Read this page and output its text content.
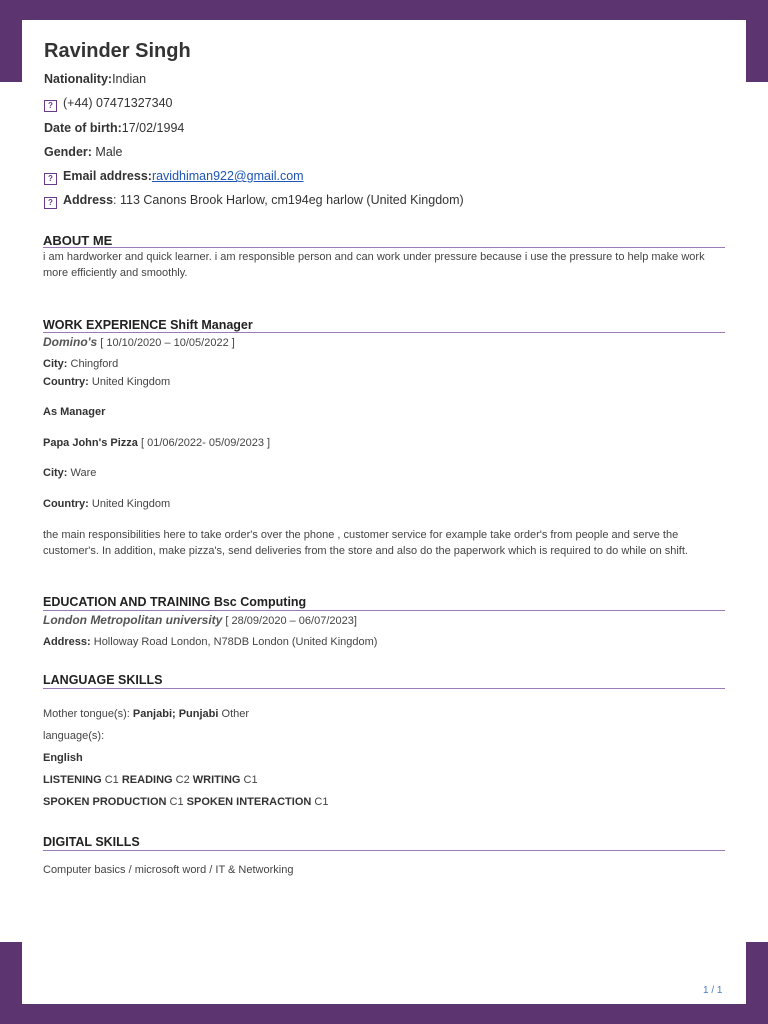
Ravinder Singh
Nationality:Indian
? (+44) 07471327340
Date of birth:17/02/1994
Gender: Male
? Email address:ravidhiman922@gmail.com
? Address: 113 Canons Brook Harlow, cm194eg harlow (United Kingdom)
ABOUT ME
i am hardworker and quick learner. i am responsible person and can work under pressure because i use the pressure to help make work more efficiently and smoothly.
WORK EXPERIENCE Shift Manager
Domino's [ 10/10/2020 – 10/05/2022 ]
City: Chingford
Country: United Kingdom
As Manager
Papa John's Pizza [ 01/06/2022- 05/09/2023 ]
City: Ware
Country: United Kingdom
the main responsibilities here to take order's over the phone , customer service for example take order's from people and serve the customer's. In addition, make pizza's, send deliveries from the store and also do the paperwork which is required to do while on shift.
EDUCATION AND TRAINING Bsc Computing
London Metropolitan university [ 28/09/2020 – 06/07/2023]
Address: Holloway Road London, N78DB London (United Kingdom)
LANGUAGE SKILLS
Mother tongue(s): Panjabi; Punjabi Other
language(s):
English
LISTENING C1 READING C2 WRITING C1
SPOKEN PRODUCTION C1 SPOKEN INTERACTION C1
DIGITAL SKILLS
Computer basics / microsoft word / IT & Networking
1 / 1
